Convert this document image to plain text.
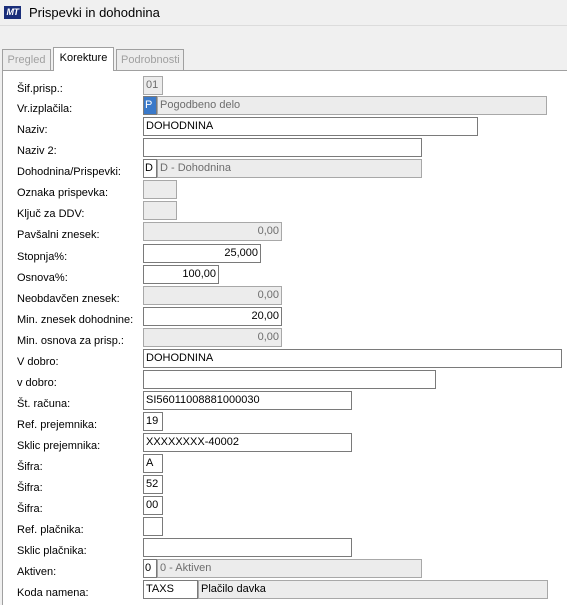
MT Prispevki in dohodnina
Pregled	Korekture	Podrobnosti
Šif.prisp.:	01
Vr.izplačila:	P Pogodbeno delo
Naziv:	DOHODNINA
Naziv 2:
Dohodnina/Prispevki: D D - Dohodnina
Oznaka prispevka:
Ključ za DDV:
Pavšalni znesek:	0,00
Stopnja%:	25,000
Osnova%:	100,00
Neobdavčen znesek:	0,00
Min. znesek dohodnine:	20,00
Min. osnova za prisp.:	0,00
V dobro:	DOHODNINA
v dobro:
Št. računa:	SI56011008881000030
Ref. prejemnika:	19
Sklic prejemnika:	XXXXXXXX-40002
Šifra:	A
Šifra:	52
Šifra:	00
Ref. plačnika:
Sklic plačnika:
Aktiven:	0 0 - Aktiven
Koda namena:	TAXS	Plačilo davka
